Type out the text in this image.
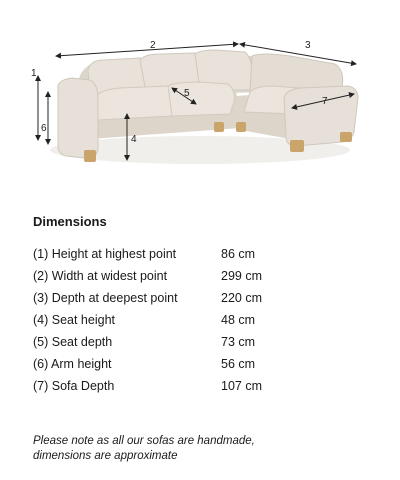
2	3
1
6
4
5
7
Dimensions
(1) Height at highest point	86 cm
(2) Width at widest point	299 cm
(3) Depth at deepest point	220 cm
(4) Seat height	48 cm
(5) Seat depth	73 cm
(6) Arm height	56 cm
(7) Sofa Depth	107 cm
Please note as all our sofas are handmade,
dimensions are approximate
